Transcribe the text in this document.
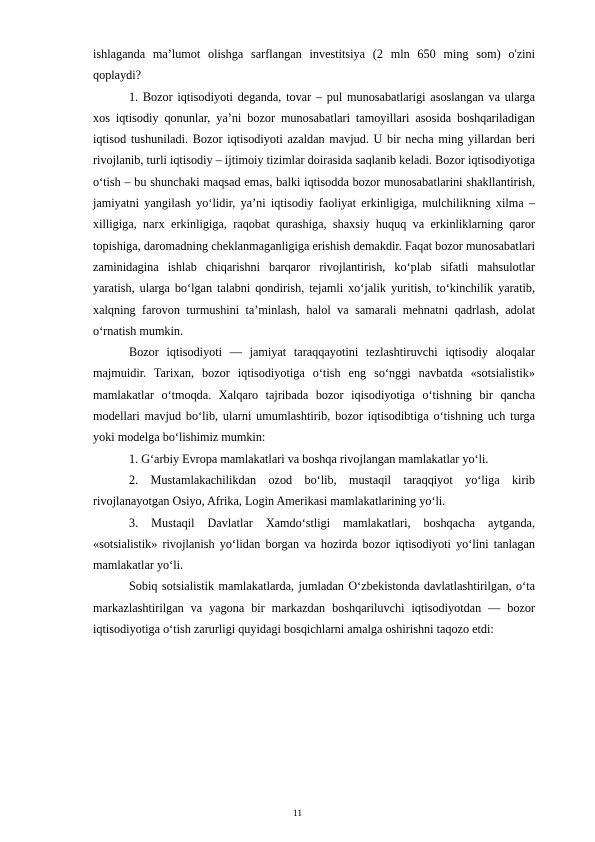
ishlaganda ma’lumot olishga sarflangan investitsiya (2 mln 650 ming som) o'zini qoplaydi?

1. Bozor iqtisodiyoti deganda, tovar – pul munosabatlarigi asoslangan va ularga xos iqtisodiy qonunlar, ya’ni bozor munosabatlari tamoyillari asosida boshqariladigan iqtisod tushuniladi. Bozor iqtisodiyoti azaldan mavjud. U bir necha ming yillardan beri rivojlanib, turli iqtisodiy – ijtimoiy tizimlar doirasida saqlanib keladi. Bozor iqtisodiyotiga o‘tish – bu shunchaki maqsad emas, balki iqtisodda bozor munosabatlarini shakllantirish, jamiyatni yangilash yo‘lidir, ya’ni iqtisodiy faoliyat erkinligiga, mulchilikning xilma – xilligiga, narx erkinligiga, raqobat qurashiga, shaxsiy huquq va erkinliklarning qaror topishiga, daromadning cheklanmaganligiga erishish demakdir. Faqat bozor munosabatlari zaminidagina ishlab chiqarishni barqaror rivojlantirish, ko‘plab sifatli mahsulotlar yaratish, ularga bo‘lgan talabni qondirish, tejamli xo‘jalik yuritish, to‘kinchilik yaratib, xalqning farovon turmushini ta’minlash, halol va samarali mehnatni qadrlash, adolat o‘rnatish mumkin.

Bozor iqtisodiyoti — jamiyat taraqqayotini tezlashtiruvchi iqtisodiy aloqalar majmuidir. Tarixan, bozor iqtisodiyotiga o‘tish eng so‘nggi navbatda «sotsialistik» mamlakatlar o‘tmoqda. Xalqaro tajribada bozor iqisodiyotiga o‘tishning bir qancha modellari mavjud bo‘lib, ularni umumlashtirib, bozor iqtisodibtiga o‘tishning uch turga yoki modelga bo‘lishimiz mumkin:

1. G‘arbiy Evropa mamlakatlari va boshqa rivojlangan mamlakatlar yo‘li.

2. Mustamlakachilikdan ozod bo‘lib, mustaqil taraqqiyot yo‘liga kirib rivojlanayotgan Osiyo, Afrika, Login Amerikasi mamlakatlarining yo‘li.

3. Mustaqil Davlatlar Xamdo‘stligi mamlakatlari, boshqacha aytganda, «sotsialistik» rivojlanish yo‘lidan borgan va hozirda bozor iqtisodiyoti yo‘lini tanlagan mamlakatlar yo‘li.

Sobiq sotsialistik mamlakatlarda, jumladan O‘zbekistonda davlatlashtirilgan, o‘ta markazlashtirilgan va yagona bir markazdan boshqariluvchi iqtisodiyotdan — bozor iqtisodiyotiga o‘tish zarurligi quyidagi bosqichlarni amalga oshirishni taqozo etdi:

11
